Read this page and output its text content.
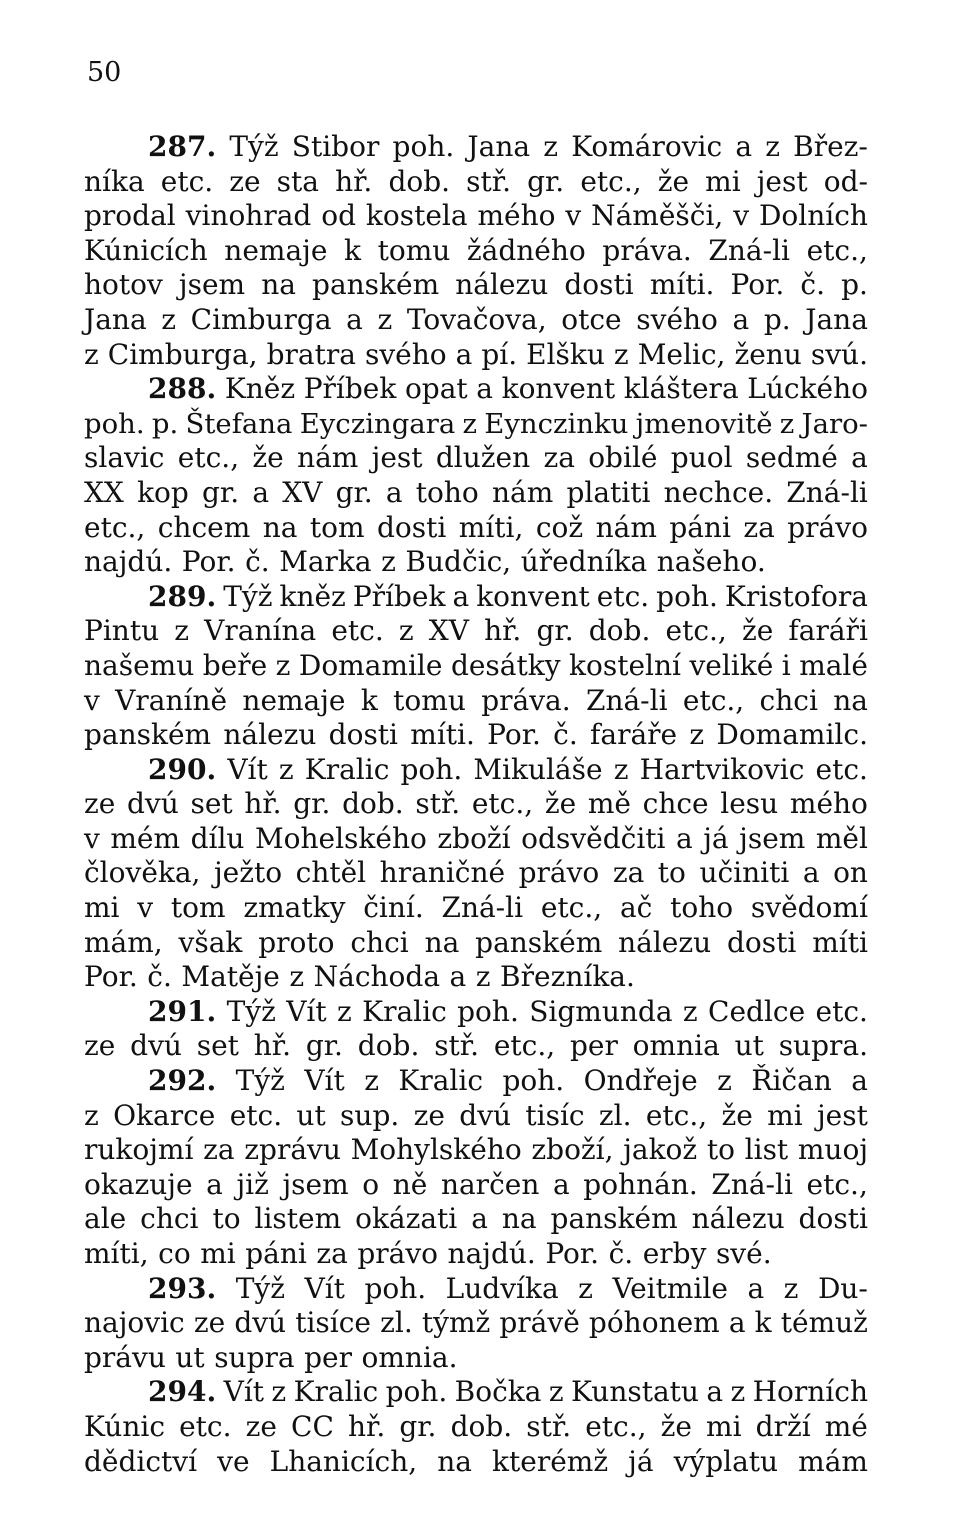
50
287. Týž Stibor poh. Jana z Komárovic a z Břez-
níka etc. ze sta hř. dob. stř. gr. etc., že mi jest od-
prodal vinohrad od kostela mého v Náměšči, v Dolních
Kúnicích nemaje k tomu žádného práva. Zná-li etc.,
hotov jsem na panském nálezu dosti míti. Por. č. p.
Jana z Cimburga a z Tovačova, otce svého a p. Jana
z Cimburga, bratra svého a pí. Elšku z Melic, ženu svú.
288. Kněz Příbek opat a konvent kláštera Lúckého
poh. p. Štefana Eyczingara z Eynczinku jmenovitě z Jaro-
slavic etc., že nám jest dlužen za obilé puol sedmé a
XX kop gr. a XV gr. a toho nám platiti nechce. Zná-li
etc., chcem na tom dosti míti, což nám páni za právo
najdú. Por. č. Marka z Budčic, úředníka našeho.
289. Týž kněz Příbek a konvent etc. poh. Kristofora
Pintu z Vranína etc. z XV hř. gr. dob. etc., že faráři
našemu beře z Domamile desátky kostelní veliké i malé
v Vraníně nemaje k tomu práva. Zná-li etc., chci na
panském nálezu dosti míti. Por. č. faráře z Domamilc.
290. Vít z Kralic poh. Mikuláše z Hartvikovic etc.
ze dvú set hř. gr. dob. stř. etc., že mě chce lesu mého
v mém dílu Mohelského zboží odsvědčiti a já jsem měl
člověka, ježto chtěl hraničné právo za to učiniti a on
mi v tom zmatky činí. Zná-li etc., ač toho svědomí
mám, však proto chci na panském nálezu dosti míti
Por. č. Matěje z Náchoda a z Březníka.
291. Týž Vít z Kralic poh. Sigmunda z Cedlce etc.
ze dvú set hř. gr. dob. stř. etc., per omnia ut supra.
292. Týž Vít z Kralic poh. Ondřeje z Řičan a
z Okarce etc. ut sup. ze dvú tisíc zl. etc., že mi jest
rukojmí za zprávu Mohylského zboží, jakož to list muoj
okazuje a již jsem o ně narčen a pohnán. Zná-li etc.,
ale chci to listem okázati a na panském nálezu dosti
míti, co mi páni za právo najdú. Por. č. erby své.
293. Týž Vít poh. Ludvíka z Veitmile a z Du-
najovic ze dvú tisíce zl. týmž právě póhonem a k témuž
právu ut supra per omnia.
294. Vít z Kralic poh. Bočka z Kunstatu a z Horních
Kúnic etc. ze CC hř. gr. dob. stř. etc., že mi drží mé
dědictví ve Lhanicích, na kterémž já výplatu mám
